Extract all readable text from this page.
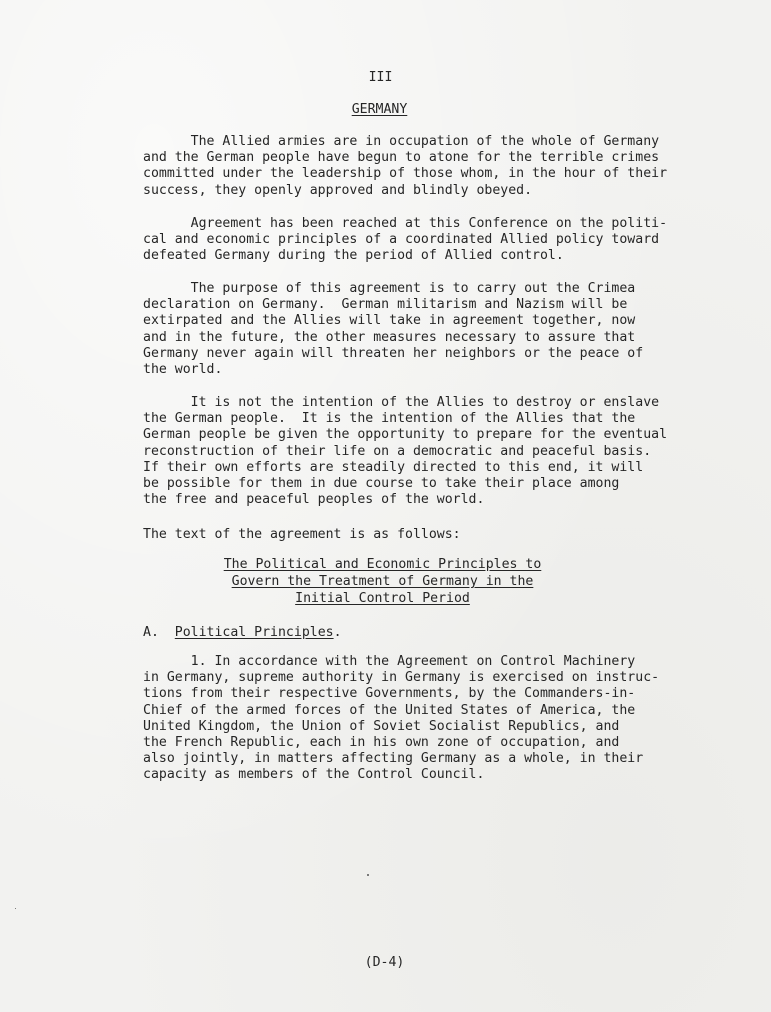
III
GERMANY
The Allied armies are in occupation of the whole of Germany
and the German people have begun to atone for the terrible crimes
committed under the leadership of those whom, in the hour of their
success, they openly approved and blindly obeyed.
Agreement has been reached at this Conference on the politi-
cal and economic principles of a coordinated Allied policy toward
defeated Germany during the period of Allied control.
The purpose of this agreement is to carry out the Crimea
declaration on Germany.  German militarism and Nazism will be
extirpated and the Allies will take in agreement together, now
and in the future, the other measures necessary to assure that
Germany never again will threaten her neighbors or the peace of
the world.
It is not the intention of the Allies to destroy or enslave
the German people.  It is the intention of the Allies that the
German people be given the opportunity to prepare for the eventual
reconstruction of their life on a democratic and peaceful basis.
If their own efforts are steadily directed to this end, it will
be possible for them in due course to take their place among
the free and peaceful peoples of the world.
The text of the agreement is as follows:
The Political and Economic Principles to
Govern the Treatment of Germany in the
Initial Control Period
A. Political Principles.
1. In accordance with the Agreement on Control Machinery
in Germany, supreme authority in Germany is exercised on instruc-
tions from their respective Governments, by the Commanders-in-
Chief of the armed forces of the United States of America, the
United Kingdom, the Union of Soviet Socialist Republics, and
the French Republic, each in his own zone of occupation, and
also jointly, in matters affecting Germany as a whole, in their
capacity as members of the Control Council.
(D-4)
